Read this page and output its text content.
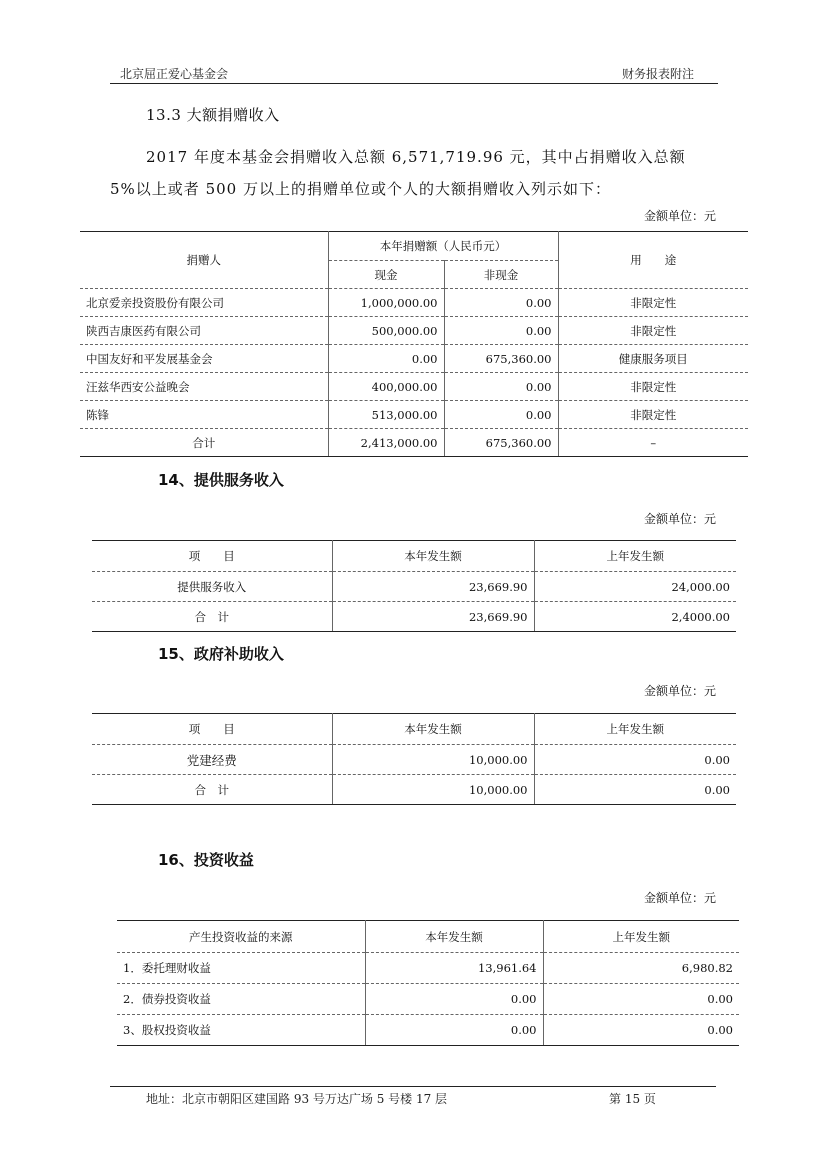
北京屈正爱心基金会	财务报表附注
13.3 大额捐赠收入
2017 年度本基金会捐赠收入总额 6,571,719.96 元，其中占捐赠收入总额
5%以上或者 500 万以上的捐赠单位或个人的大额捐赠收入列示如下：
金额单位：元
捐赠人	本年捐赠额（人民币元）		用　　途
	现金	非现金	
北京爱亲投资股份有限公司	1,000,000.00	0.00	非限定性
陕西吉康医药有限公司	500,000.00	0.00	非限定性
中国友好和平发展基金会	0.00	675,360.00	健康服务项目
汪兹华西安公益晚会	400,000.00	0.00	非限定性
陈锋	513,000.00	0.00	非限定性
合计	2,413,000.00	675,360.00	–
14、提供服务收入
金额单位：元
项　　目	本年发生额	上年发生额
提供服务收入	23,669.90	24,000.00
合　计	23,669.90	2,4000.00
15、政府补助收入
金额单位：元
项　　目	本年发生额	上年发生额
党建经费	10,000.00	0.00
合　计	10,000.00	0.00
16、投资收益
金额单位：元
产生投资收益的来源	本年发生额	上年发生额
1．委托理财收益	13,961.64	6,980.82
2．债券投资收益	0.00	0.00
3、股权投资收益	0.00	0.00
地址：北京市朝阳区建国路 93 号万达广场 5 号楼 17 层	第 15 页
